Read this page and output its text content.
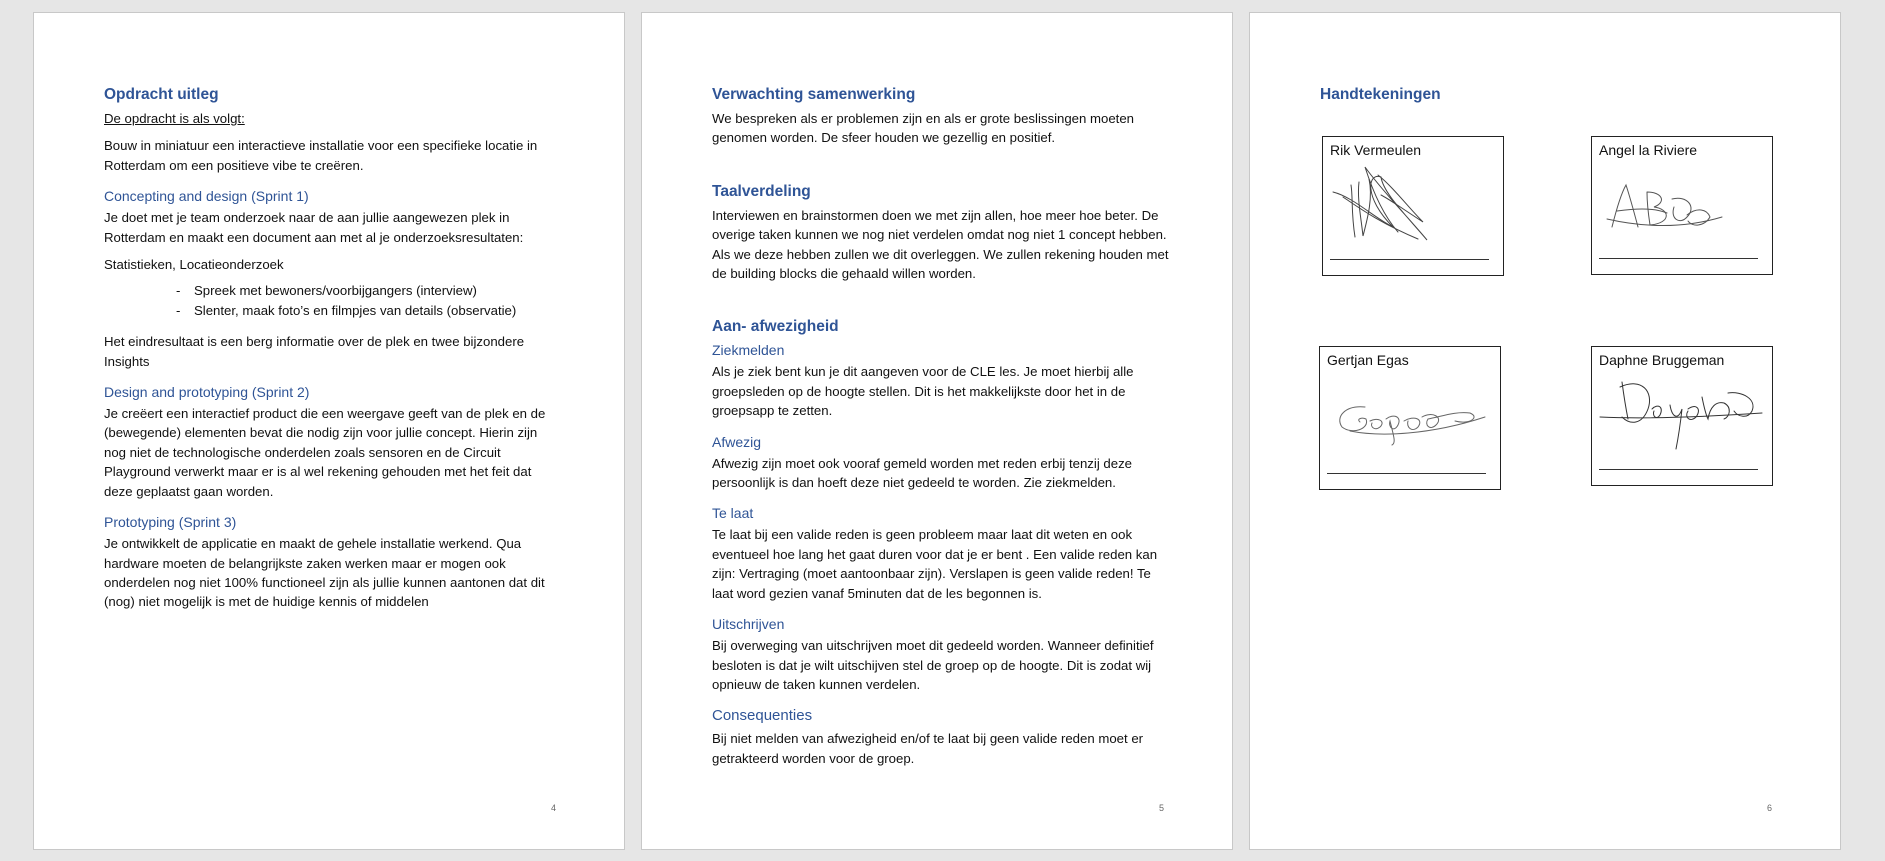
Opdracht uitleg

De opdracht is als volgt:

Bouw in miniatuur een interactieve installatie voor een specifieke locatie in Rotterdam om een positieve vibe te creëren.

Concepting and design (Sprint 1)

Je doet met je team onderzoek naar de aan jullie aangewezen plek in Rotterdam en maakt een document aan met al je onderzoeksresultaten:

Statistieken, Locatieonderzoek

- Spreek met bewoners/voorbijgangers (interview)
- Slenter, maak foto’s en filmpjes van details (observatie)

Het eindresultaat is een berg informatie over de plek en twee bijzondere Insights

Design and prototyping (Sprint 2)

Je creëert een interactief product die een weergave geeft van de plek en de (bewegende) elementen bevat die nodig zijn voor jullie concept. Hierin zijn nog niet de technologische onderdelen zoals sensoren en de Circuit Playground verwerkt maar er is al wel rekening gehouden met het feit dat deze geplaatst gaan worden.

Prototyping (Sprint 3)

Je ontwikkelt de applicatie en maakt de gehele installatie werkend. Qua hardware moeten de belangrijkste zaken werken maar er mogen ook onderdelen nog niet 100% functioneel zijn als jullie kunnen aantonen dat dit (nog) niet mogelijk is met de huidige kennis of middelen

4
Verwachting samenwerking

We bespreken als er problemen zijn en als er grote beslissingen moeten genomen worden. De sfeer houden we gezellig en positief.

Taalverdeling

Interviewen en brainstormen doen we met zijn allen, hoe meer hoe beter. De overige taken kunnen we nog niet verdelen omdat nog niet 1 concept hebben. Als we deze hebben zullen we dit overleggen. We zullen rekening houden met de building blocks die gehaald willen worden.

Aan- afwezigheid
Ziekmelden

Als je ziek bent kun je dit aangeven voor de CLE les. Je moet hierbij alle groepsleden op de hoogte stellen. Dit is het makkelijkste door het in de groepsapp te zetten.

Afwezig

Afwezig zijn moet ook vooraf gemeld worden met reden erbij tenzij deze persoonlijk is dan hoeft deze niet gedeeld te worden. Zie ziekmelden.

Te laat

Te laat bij een valide reden is geen probleem maar laat dit weten en ook eventueel hoe lang het gaat duren voor dat je er bent . Een valide reden kan zijn: Vertraging (moet aantoonbaar zijn). Verslapen is geen valide reden! Te laat word gezien vanaf 5minuten dat de les begonnen is.

Uitschrijven

Bij overweging van uitschrijven moet dit gedeeld worden. Wanneer definitief besloten is dat je wilt uitschijven stel de groep op de hoogte. Dit is zodat wij opnieuw de taken kunnen verdelen.

Consequenties

Bij niet melden van afwezigheid en/of te laat bij geen valide reden moet er getrakteerd worden voor de groep.

5
Handtekeningen
Rik Vermeulen	Angel la Riviere
Gertjan Egas	Daphne Bruggeman
6
